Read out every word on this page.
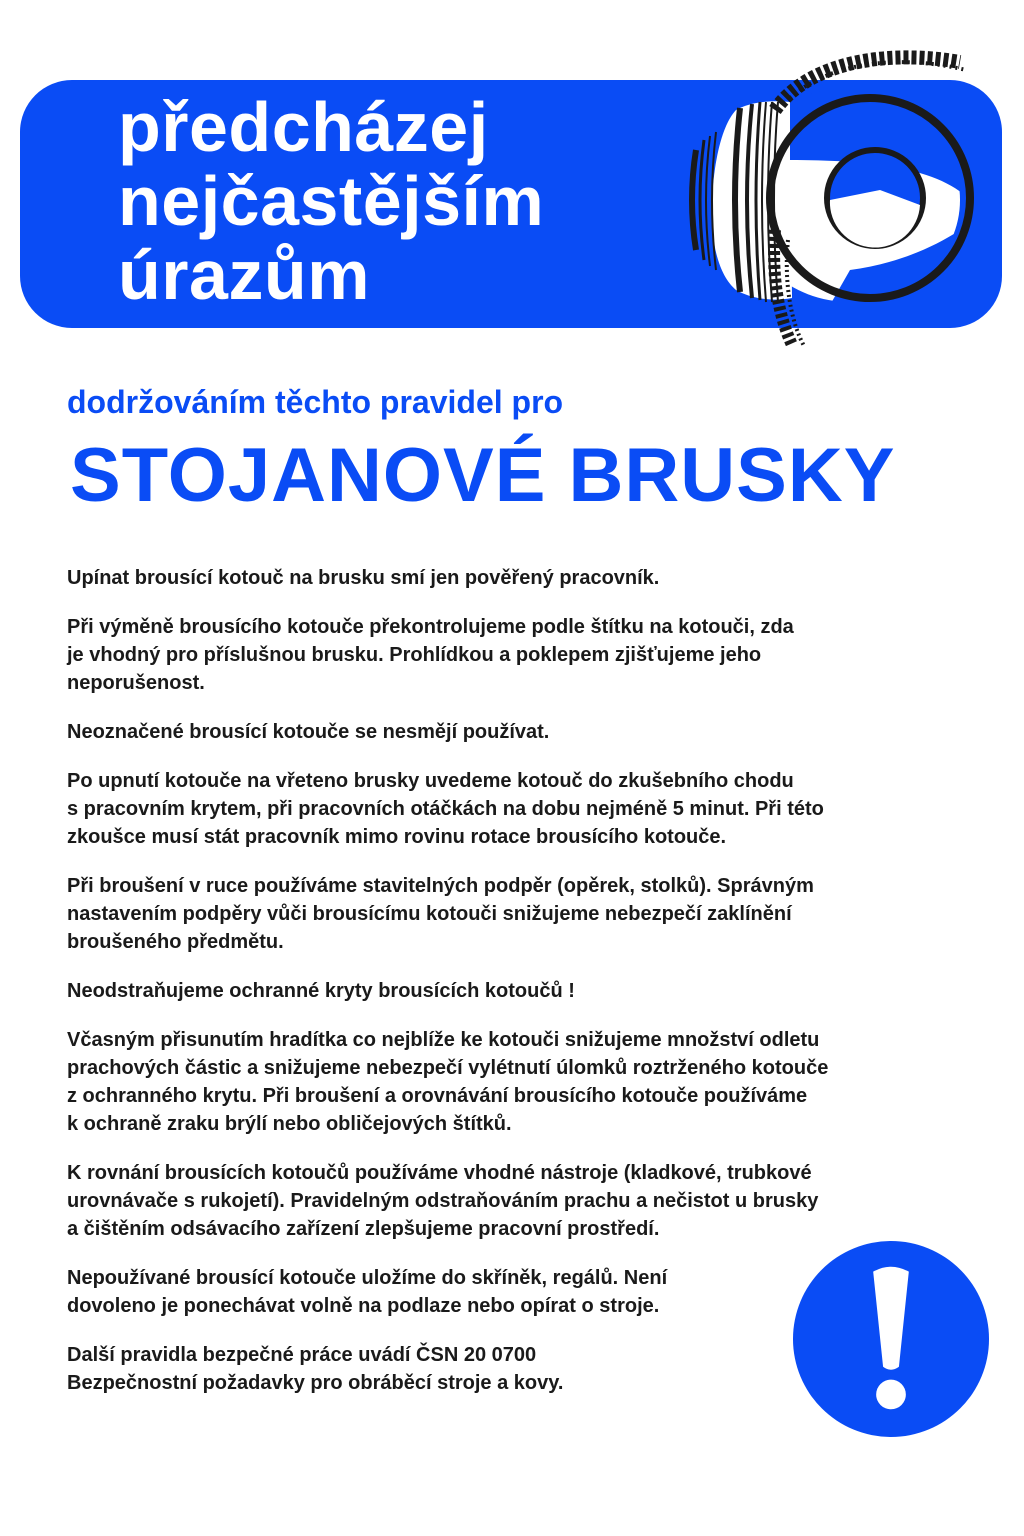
předcházej
nejčastějším
úrazům
dodržováním těchto pravidel pro
STOJANOVÉ BRUSKY
Upínat brousící kotouč na brusku smí jen pověřený pracovník.
Při výměně brousícího kotouče překontrolujeme podle štítku na kotouči, zda
je vhodný pro příslušnou brusku. Prohlídkou a poklepem zjišťujeme jeho
neporušenost.
Neoznačené brousící kotouče se nesmějí používat.
Po upnutí kotouče na vřeteno brusky uvedeme kotouč do zkušebního chodu
s pracovním krytem, při pracovních otáčkách na dobu nejméně 5 minut. Při této
zkoušce musí stát pracovník mimo rovinu rotace brousícího kotouče.
Při broušení v ruce používáme stavitelných podpěr (opěrek, stolků). Správným
nastavením podpěry vůči brousícímu kotouči snižujeme nebezpečí zaklínění
broušeného předmětu.
Neodstraňujeme ochranné kryty brousících kotoučů !
Včasným přisunutím hradítka co nejblíže ke kotouči snižujeme množství odletu
prachových částic a snižujeme nebezpečí vylétnutí úlomků roztrženého kotouče
z ochranného krytu. Při broušení a orovnávání brousícího kotouče používáme
k ochraně zraku brýlí nebo obličejových štítků.
K rovnání brousících kotoučů používáme vhodné nástroje (kladkové, trubkové
urovnávače s rukojetí). Pravidelným odstraňováním prachu a nečistot u brusky
a čištěním odsávacího zařízení zlepšujeme pracovní prostředí.
Nepoužívané brousící kotouče uložíme do skříněk, regálů. Není
dovoleno je ponechávat volně na podlaze nebo opírat o stroje.
Další pravidla bezpečné práce uvádí ČSN 20 0700
Bezpečnostní požadavky pro obráběcí stroje a kovy.
